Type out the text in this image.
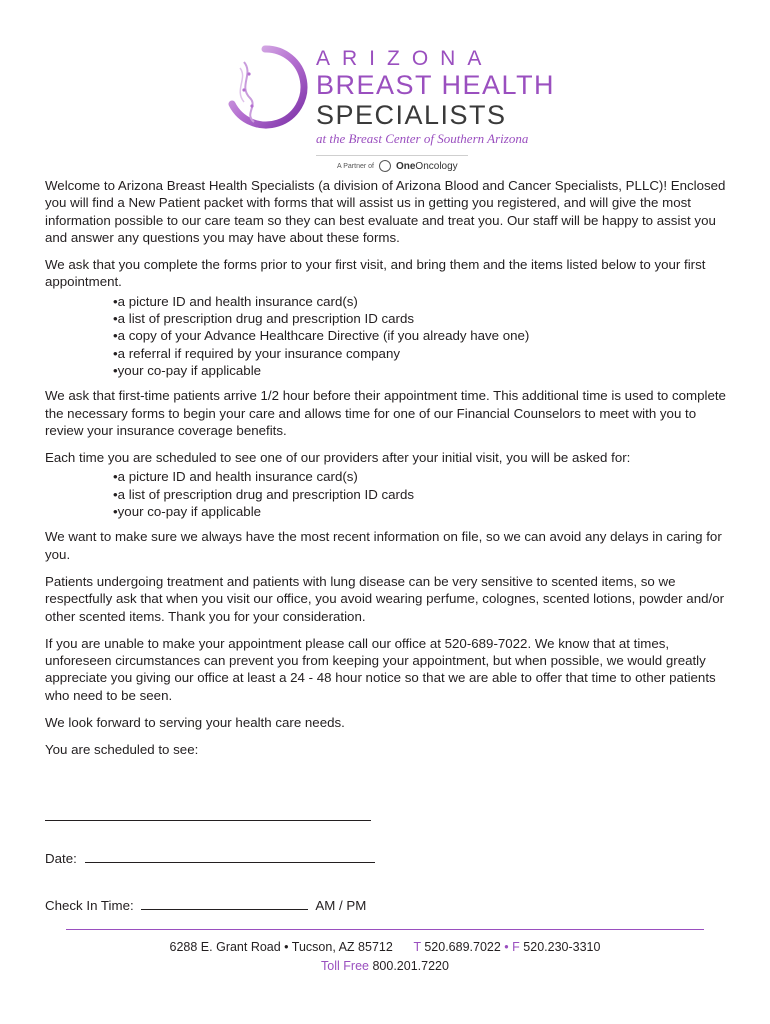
ARIZONA
BREAST HEALTH
SPECIALISTS
at the Breast Center of Southern Arizona
A Partner of OneOncology

Welcome to Arizona Breast Health Specialists (a division of Arizona Blood and Cancer Specialists, PLLC)! Enclosed you will find a New Patient packet with forms that will assist us in getting you registered, and will give the most information possible to our care team so they can best evaluate and treat you. Our staff will be happy to assist you and answer any questions you may have about these forms.

We ask that you complete the forms prior to your first visit, and bring them and the items listed below to your first appointment.

• a picture ID and health insurance card(s)
• a list of prescription drug and prescription ID cards
• a copy of your Advance Healthcare Directive (if you already have one)
• a referral if required by your insurance company
• your co-pay if applicable

We ask that first-time patients arrive 1/2 hour before their appointment time. This additional time is used to complete the necessary forms to begin your care and allows time for one of our Financial Counselors to meet with you to review your insurance coverage benefits.

Each time you are scheduled to see one of our providers after your initial visit, you will be asked for:

• a picture ID and health insurance card(s)
• a list of prescription drug and prescription ID cards
• your co-pay if applicable

We want to make sure we always have the most recent information on file, so we can avoid any delays in caring for you.

Patients undergoing treatment and patients with lung disease can be very sensitive to scented items, so we respectfully ask that when you visit our office, you avoid wearing perfume, colognes, scented lotions, powder and/or other scented items. Thank you for your consideration.

If you are unable to make your appointment please call our office at 520-689-7022. We know that at times, unforeseen circumstances can prevent you from keeping your appointment, but when possible, we would greatly appreciate you giving our office at least a 24 - 48 hour notice so that we are able to offer that time to other patients who need to be seen.

We look forward to serving your health care needs.

You are scheduled to see:

Date:
Check In Time:	AM / PM
6288 E. Grant Road • Tucson, AZ 85712 T 520.689.7022 • F 520.230-3310
Toll Free 800.201.7220
